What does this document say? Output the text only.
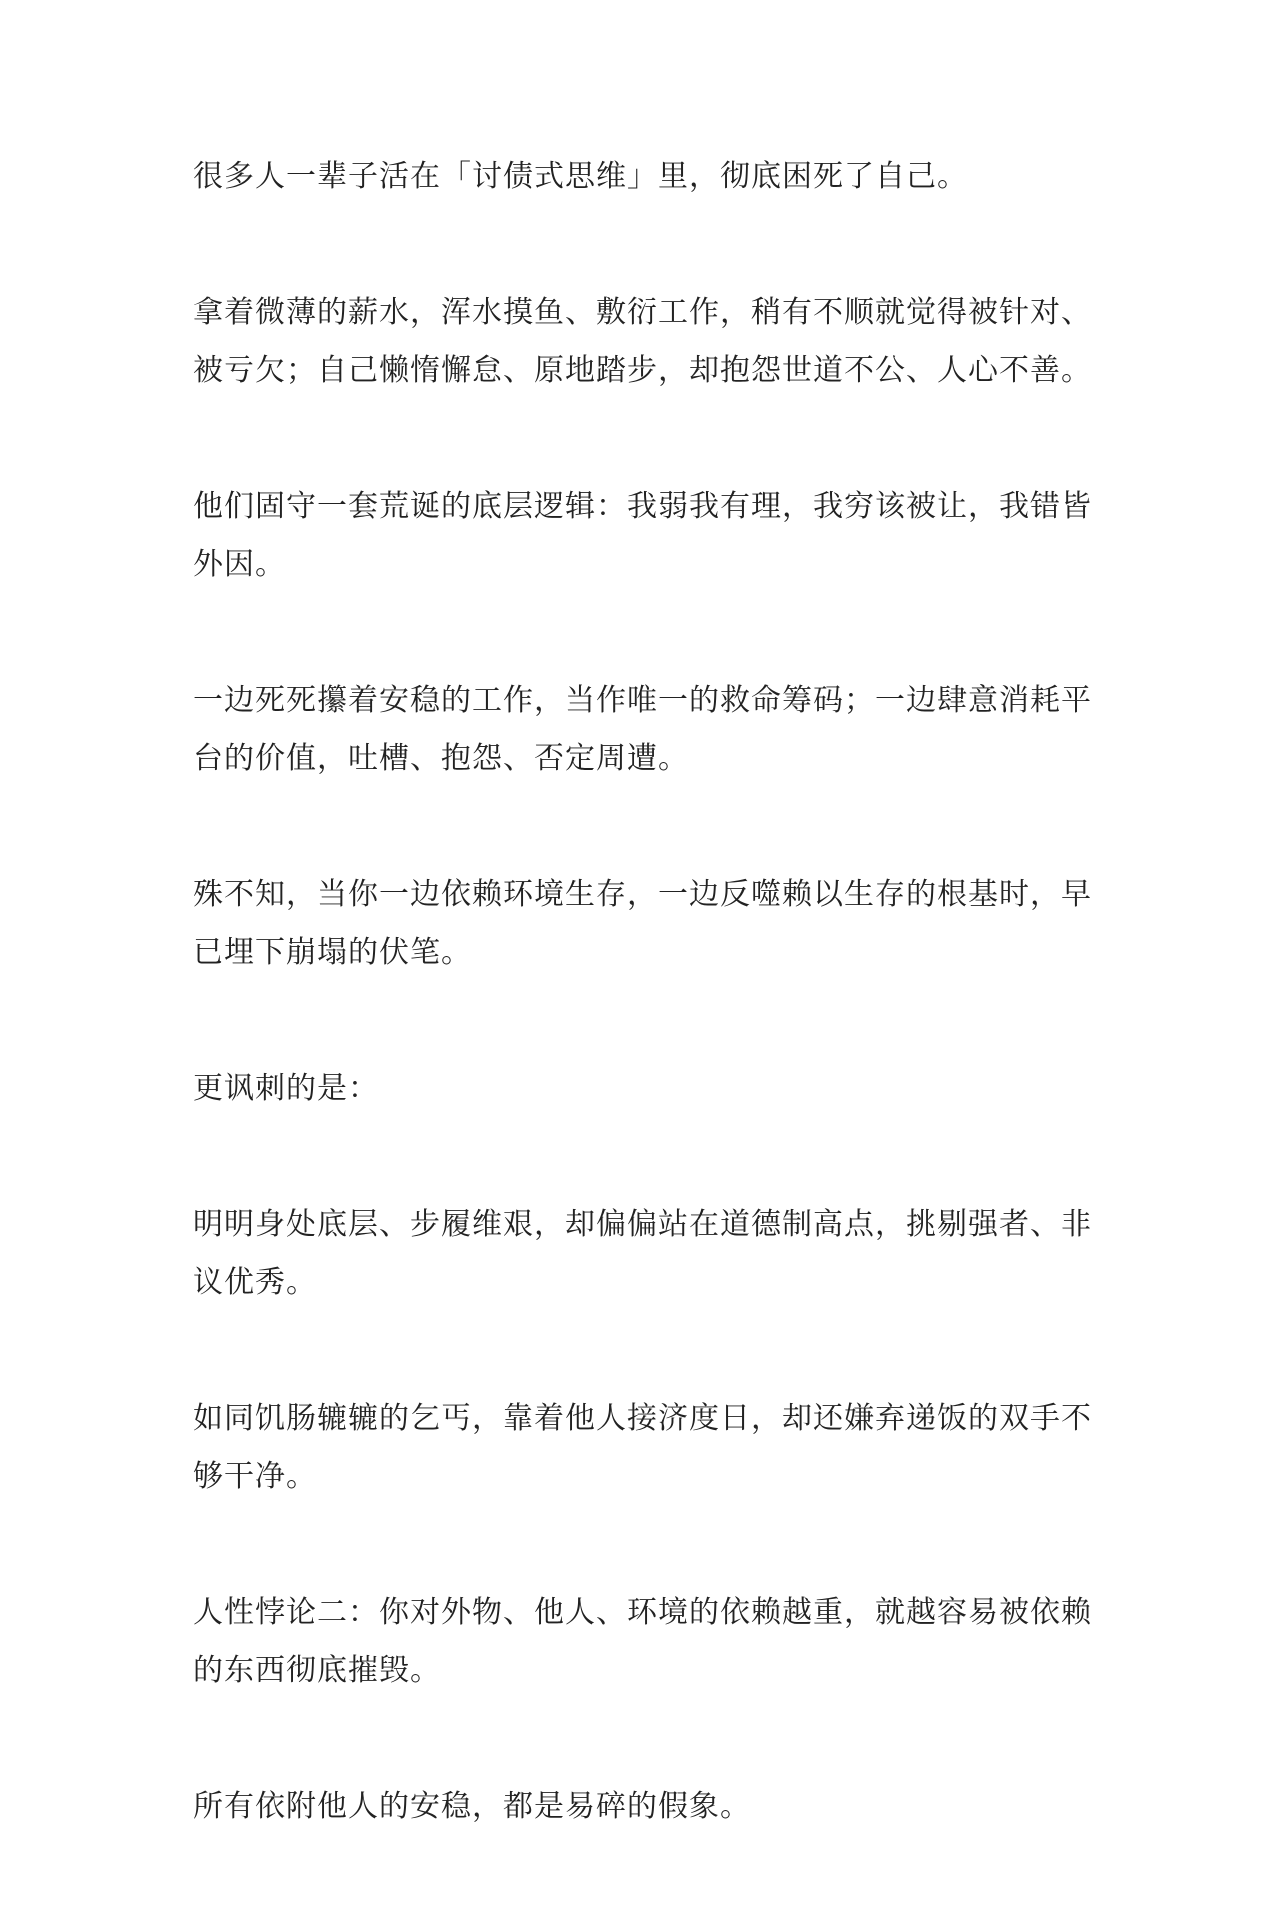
很多人一辈子活在「讨债式思维」里，彻底困死了自己。

拿着微薄的薪水，浑水摸鱼、敷衍工作，稍有不顺就觉得被针对、被亏欠；自己懒惰懈怠、原地踏步，却抱怨世道不公、人心不善。

他们固守一套荒诞的底层逻辑：我弱我有理，我穷该被让，我错皆外因。

一边死死攥着安稳的工作，当作唯一的救命筹码；一边肆意消耗平台的价值，吐槽、抱怨、否定周遭。

殊不知，当你一边依赖环境生存，一边反噬赖以生存的根基时，早已埋下崩塌的伏笔。

更讽刺的是：

明明身处底层、步履维艰，却偏偏站在道德制高点，挑剔强者、非议优秀。

如同饥肠辘辘的乞丐，靠着他人接济度日，却还嫌弃递饭的双手不够干净。

人性悖论二：你对外物、他人、环境的依赖越重，就越容易被依赖的东西彻底摧毁。

所有依附他人的安稳，都是易碎的假象。
